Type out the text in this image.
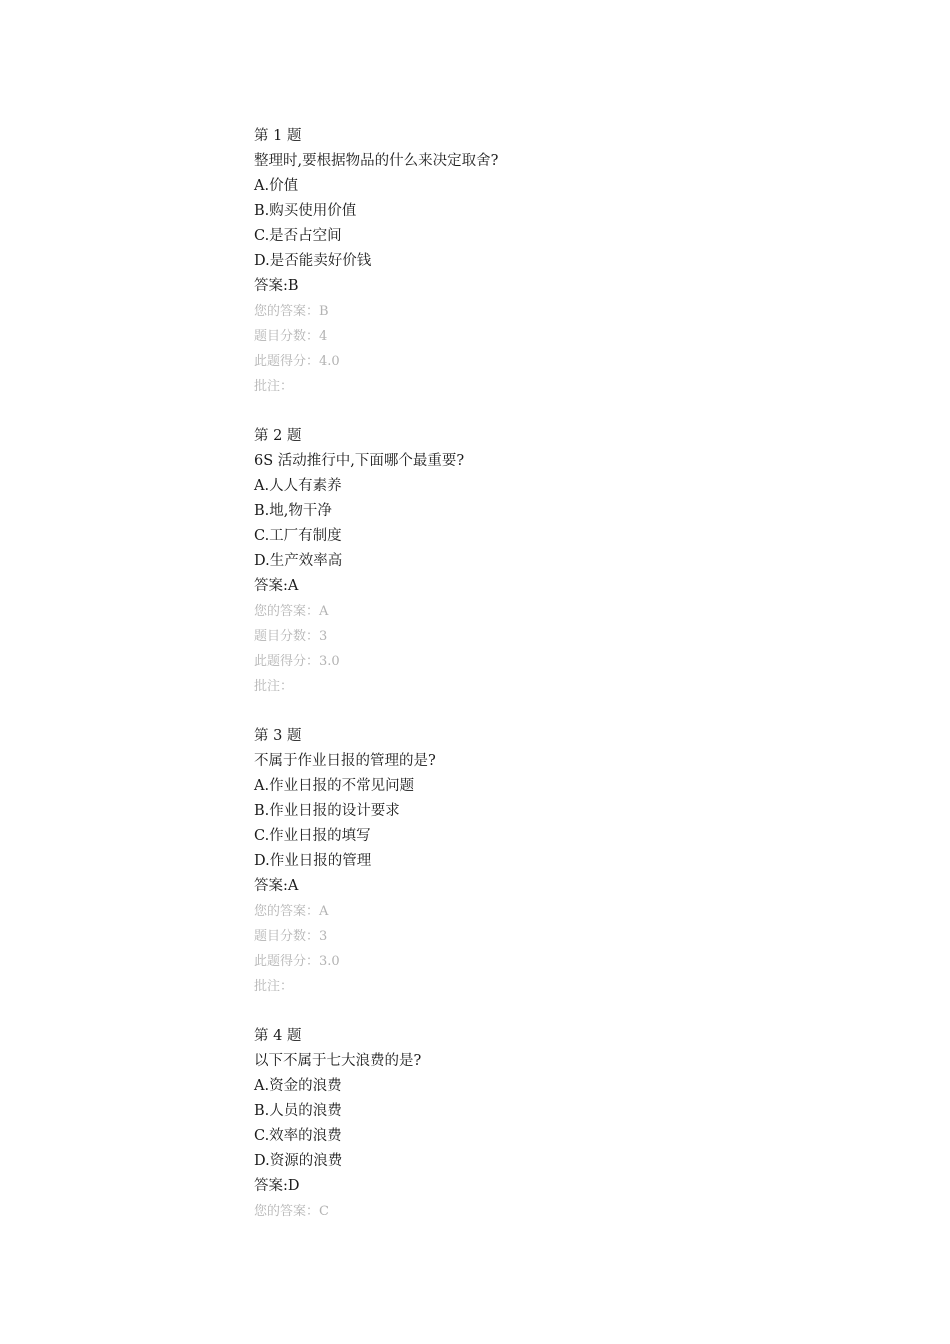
第 1 题
整理时,要根据物品的什么来决定取舍?
A.价值
B.购买使用价值
C.是否占空间
D.是否能卖好价钱
答案:B
您的答案：B
题目分数：4
此题得分：4.0
批注：
第 2 题
6S 活动推行中,下面哪个最重要?
A.人人有素养
B.地,物干净
C.工厂有制度
D.生产效率高
答案:A
您的答案：A
题目分数：3
此题得分：3.0
批注：
第 3 题
不属于作业日报的管理的是?
A.作业日报的不常见问题
B.作业日报的设计要求
C.作业日报的填写
D.作业日报的管理
答案:A
您的答案：A
题目分数：3
此题得分：3.0
批注：
第 4 题
以下不属于七大浪费的是?
A.资金的浪费
B.人员的浪费
C.效率的浪费
D.资源的浪费
答案:D
您的答案：C
